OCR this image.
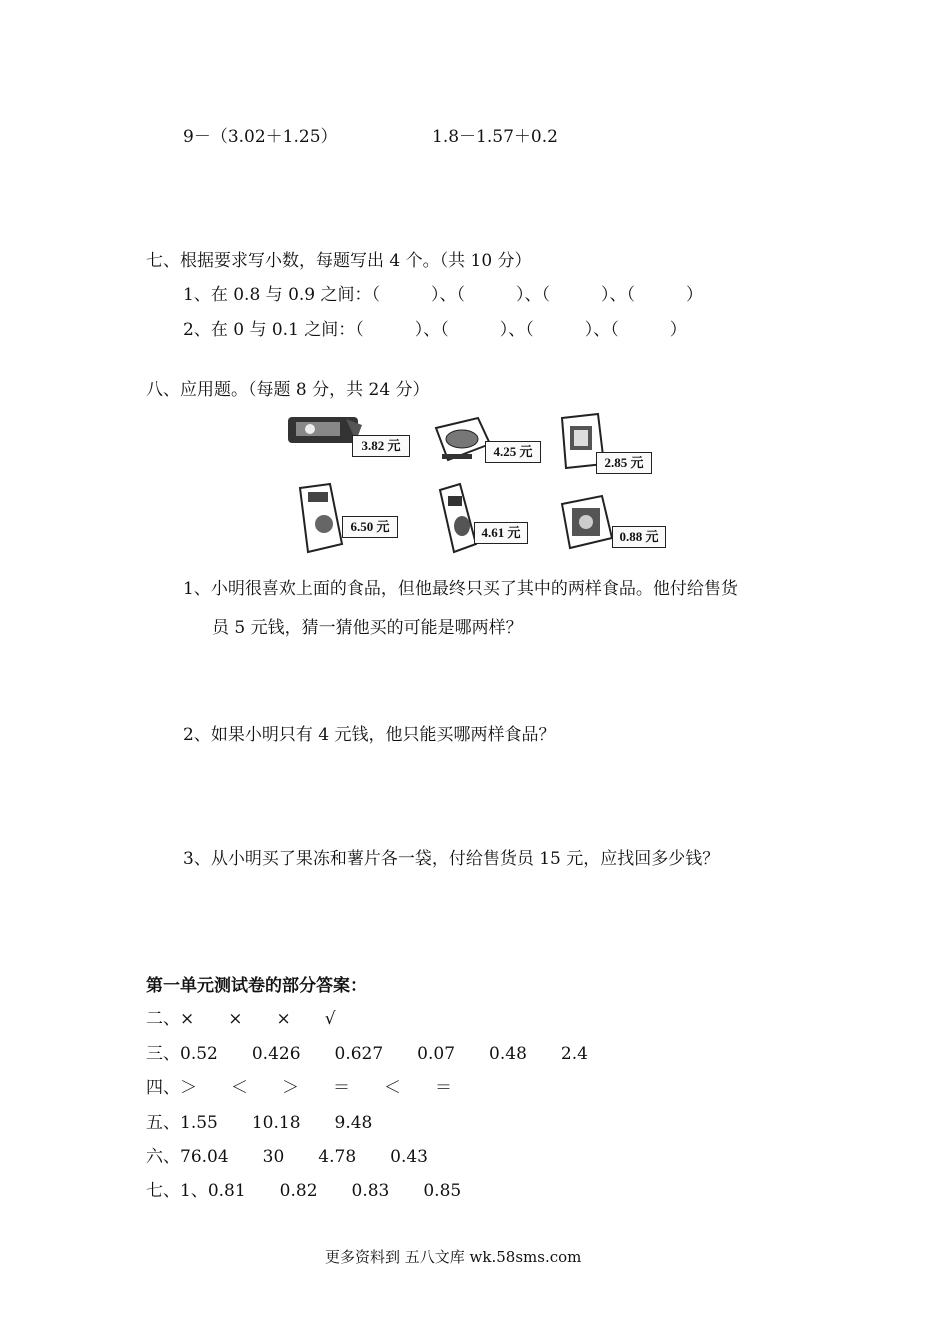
9－（3.02＋1.25）	1.8－1.57＋0.2
七、根据要求写小数，每题写出 4 个。（共 10 分）
1、在 0.8 与 0.9 之间：（　　　）、（　　　）、（　　　）、（　　　）
2、在 0 与 0.1 之间：（　　　）、（　　　）、（　　　）、（　　　）
八、应用题。（每题 8 分，共 24 分）
3.82 元	4.25 元
2.85 元
6.50 元	4.61 元	0.88 元
1、小明很喜欢上面的食品，但他最终只买了其中的两样食品。他付给售货
员 5 元钱，猜一猜他买的可能是哪两样？
2、如果小明只有 4 元钱，他只能买哪两样食品？
3、从小明买了果冻和薯片各一袋，付给售货员 15 元，应找回多少钱？
第一单元测试卷的部分答案：
二、×　　×　　×　　√
三、0.52　　0.426　　0.627　　0.07　　0.48　　2.4
四、＞　　＜　　＞　　＝　　＜　　＝
五、1.55　　10.18　　9.48
六、76.04　　30　　4.78　　0.43
七、1、0.81　　0.82　　0.83　　0.85
更多资料到 五八文库 wk.58sms.com
